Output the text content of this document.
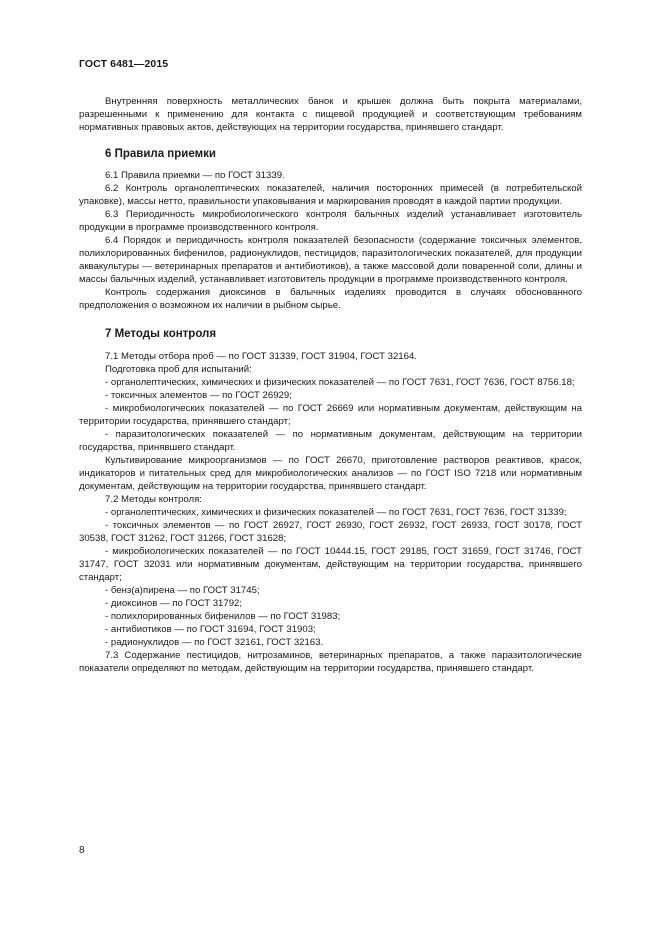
ГОСТ 6481—2015

Внутренняя поверхность металлических банок и крышек должна быть покрыта материалами, разрешенными к применению для контакта с пищевой продукцией и соответствующим требованиям нормативных правовых актов, действующих на территории государства, принявшего стандарт.

6 Правила приемки

6.1 Правила приемки — по ГОСТ 31339.

6.2 Контроль органолептических показателей, наличия посторонних примесей (в потребительской упаковке), массы нетто, правильности упаковывания и маркирования проводят в каждой партии продукции.

6.3 Периодичность микробиологического контроля балычных изделий устанавливает изготовитель продукции в программе производственного контроля.

6.4 Порядок и периодичность контроля показателей безопасности (содержание токсичных элементов, полихлорированных бифенилов, радионуклидов, пестицидов, паразитологических показателей, для продукции аквакультуры — ветеринарных препаратов и антибиотиков), а также массовой доли поваренной соли, длины и массы балычных изделий, устанавливает изготовитель продукции в программе производственного контроля.

Контроль содержания диоксинов в балычных изделиях проводится в случаях обоснованного предположения о возможном их наличии в рыбном сырье.

7 Методы контроля

7.1 Методы отбора проб — по ГОСТ 31339, ГОСТ 31904, ГОСТ 32164.

Подготовка проб для испытаний:

- органолептических, химических и физических показателей — по ГОСТ 7631, ГОСТ 7636, ГОСТ 8756.18;

- токсичных элементов — по ГОСТ 26929;

- микробиологических показателей — по ГОСТ 26669 или нормативным документам, действующим на территории государства, принявшего стандарт;

- паразитологических показателей — по нормативным документам, действующим на территории государства, принявшего стандарт.

Культивирование микроорганизмов — по ГОСТ 26670, приготовление растворов реактивов, красок, индикаторов и питательных сред для микробиологических анализов — по ГОСТ ISO 7218 или нормативным документам, действующим на территории государства, принявшего стандарт.

7.2 Методы контроля:

- органолептических, химических и физических показателей — по ГОСТ 7631, ГОСТ 7636, ГОСТ 31339;

- токсичных элементов — по ГОСТ 26927, ГОСТ 26930, ГОСТ 26932, ГОСТ 26933, ГОСТ 30178, ГОСТ 30538, ГОСТ 31262, ГОСТ 31266, ГОСТ 31628;

- микробиологических показателей — по ГОСТ 10444.15, ГОСТ 29185, ГОСТ 31659, ГОСТ 31746, ГОСТ 31747, ГОСТ 32031 или нормативным документам, действующим на территории государства, принявшего стандарт;

- бенз(а)пирена — по ГОСТ 31745;

- диоксинов — по ГОСТ 31792;

- полихлорированных бифенилов — по ГОСТ 31983;

- антибиотиков — по ГОСТ 31694, ГОСТ 31903;

- радионуклидов — по ГОСТ 32161, ГОСТ 32163.

7.3 Содержание пестицидов, нитрозаминов, ветеринарных препаратов, а также паразитологические показатели определяют по методам, действующим на территории государства, принявшего стандарт.

8
